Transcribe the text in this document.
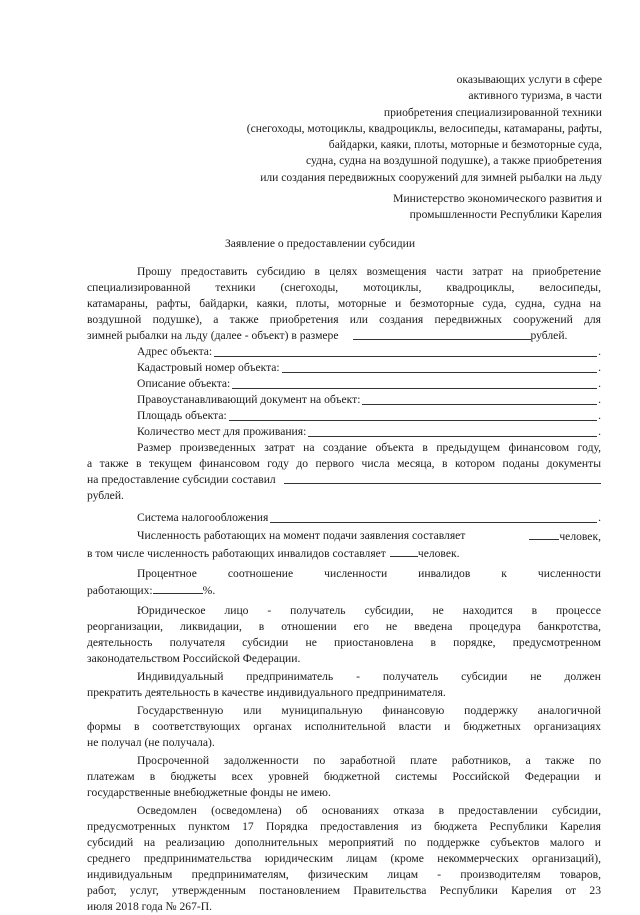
оказывающих услуги в сфере
активного туризма, в части
приобретения специализированной техники
(снегоходы, мотоциклы, квадроциклы, велосипеды, катамараны, рафты,
байдарки, каяки, плоты, моторные и безмоторные суда,
судна, судна на воздушной подушке), а также приобретения
или создания передвижных сооружений для зимней рыбалки на льду
Министерство экономического развития и
промышленности Республики Карелия
Заявление о предоставлении субсидии
Прошу предоставить субсидию в целях возмещения части затрат на приобретение
специализированной техники (снегоходы, мотоциклы, квадроциклы, велосипеды,
катамараны, рафты, байдарки, каяки, плоты, моторные и безмоторные суда, судна, судна на
воздушной подушке), а также приобретения или создания передвижных сооружений для
зимней рыбалки на льду (далее - объект) в размере	рублей.
Адрес объекта:	.
Кадастровый номер объекта:	.
Описание объекта:	.
Правоустанавливающий документ на объект:	.
Площадь объекта:	.
Количество мест для проживания:	.
Размер произведенных затрат на создание объекта в предыдущем финансовом году,
а также в текущем финансовом году до первого числа месяца, в котором поданы документы
на предоставление субсидии составил
рублей.
Система налогообложения	.
Численность работающих на момент подачи заявления составляет	человек,
в том числе численность работающих инвалидов составляет	человек.
Процентное	соотношение	численности	инвалидов	к	численности
работающих:	%.
Юридическое лицо - получатель субсидии, не находится в процессе
реорганизации, ликвидации, в отношении его не введена процедура банкротства,
деятельность получателя субсидии не приостановлена в порядке, предусмотренном
законодательством Российской Федерации.
Индивидуальный предприниматель - получатель субсидии не должен
прекратить деятельность в качестве индивидуального предпринимателя.
Государственную или муниципальную финансовую поддержку аналогичной
формы в соответствующих органах исполнительной власти и бюджетных организациях
не получал (не получала).
Просроченной задолженности по заработной плате работников, а также по
платежам в бюджеты всех уровней бюджетной системы Российской Федерации и
государственные внебюджетные фонды не имею.
Осведомлен (осведомлена) об основаниях отказа в предоставлении субсидии,
предусмотренных пунктом 17 Порядка предоставления из бюджета Республики Карелия
субсидий на реализацию дополнительных мероприятий по поддержке субъектов малого и
среднего предпринимательства юридическим лицам (кроме некоммерческих организаций),
индивидуальным предпринимателям, физическим лицам - производителям товаров,
работ, услуг, утвержденным постановлением Правительства Республики Карелия от 23
июля 2018 года № 267-П.
